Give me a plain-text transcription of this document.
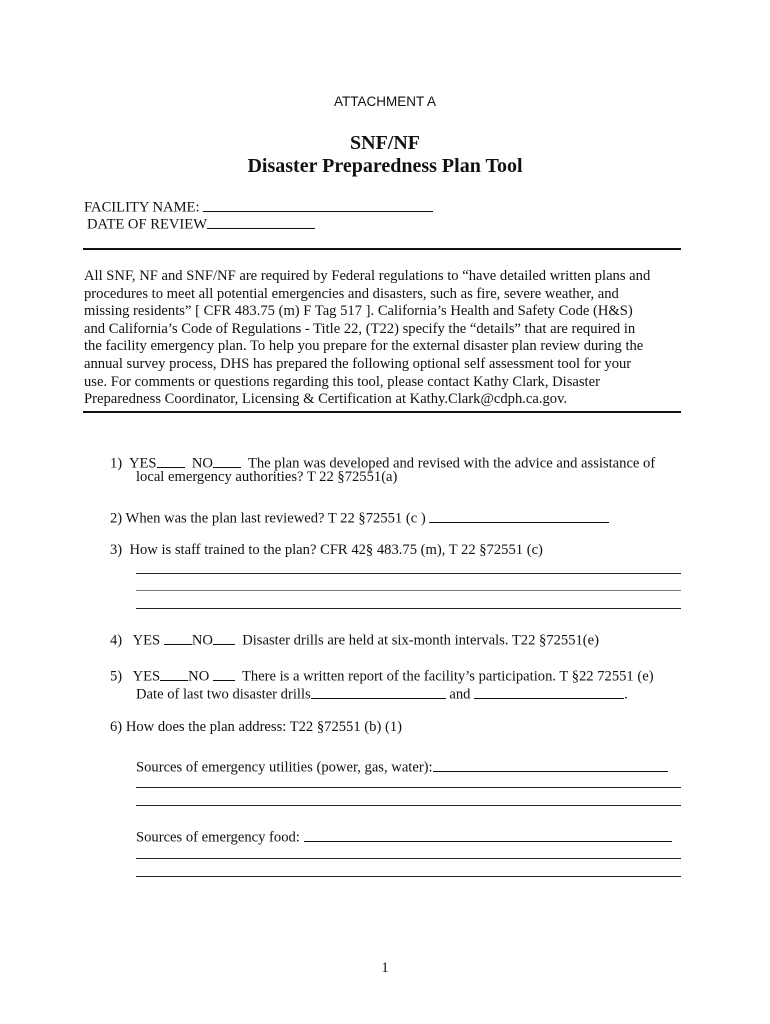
ATTACHMENT A
SNF/NF
Disaster Preparedness Plan Tool
FACILITY NAME:
DATE OF REVIEW
All SNF, NF and SNF/NF are required by Federal regulations to “have detailed written plans and
procedures to meet all potential emergencies and disasters, such as fire, severe weather, and
missing residents” [ CFR 483.75 (m) F Tag 517 ]. California’s Health and Safety Code (H&S)
and California’s Code of Regulations - Title 22, (T22) specify the “details” that are required in
the facility emergency plan. To help you prepare for the external disaster plan review during the
annual survey process, DHS has prepared the following optional self assessment tool for your
use. For comments or questions regarding this tool, please contact Kathy Clark, Disaster
Preparedness Coordinator, Licensing & Certification at Kathy.Clark@cdph.ca.gov.
1) YES NO The plan was developed and revised with the advice and assistance of
local emergency authorities? T 22 §72551(a)
2) When was the plan last reviewed? T 22 §72551 (c )
3) How is staff trained to the plan? CFR 42§ 483.75 (m), T 22 §72551 (c)
4) YES NO Disaster drills are held at six-month intervals. T22 §72551(e)
5) YES NO There is a written report of the facility’s participation. T §22 72551 (e)
Date of last two disaster drills	and	.
6) How does the plan address: T22 §72551 (b) (1)
Sources of emergency utilities (power, gas, water):
Sources of emergency food:
1
